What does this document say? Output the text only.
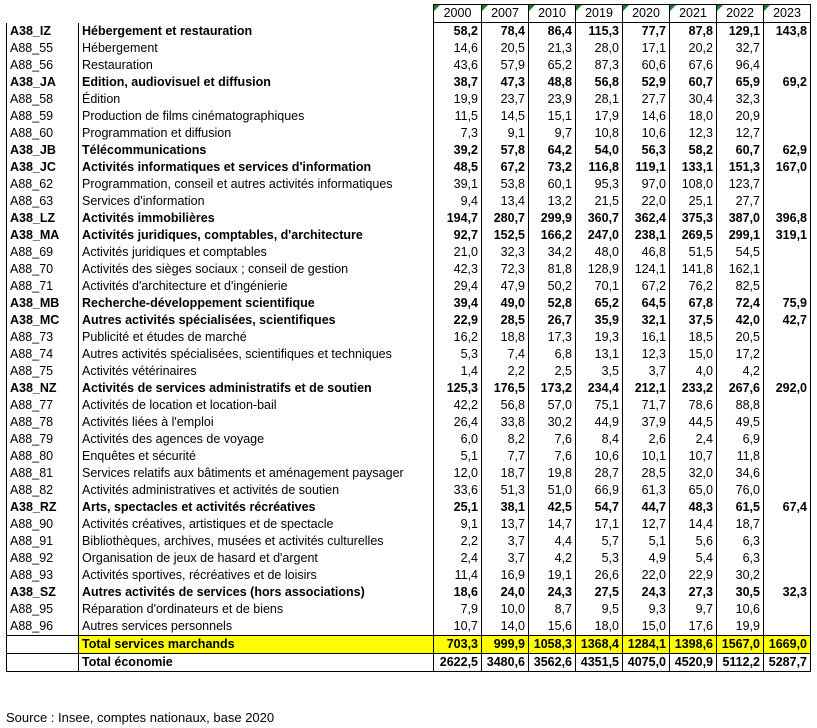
2000	2007	2010	2019	2020	2021	2022	2023
A38_IZ	Hébergement et restauration	58,2	78,4	86,4	115,3	77,7	87,8	129,1	143,8
A88_55	Hébergement	14,6	20,5	21,3	28,0	17,1	20,2	32,7	
A88_56	Restauration	43,6	57,9	65,2	87,3	60,6	67,6	96,4	
A38_JA	Edition, audiovisuel et diffusion	38,7	47,3	48,8	56,8	52,9	60,7	65,9	69,2
A88_58	Édition	19,9	23,7	23,9	28,1	27,7	30,4	32,3	
A88_59	Production de films cinématographiques	11,5	14,5	15,1	17,9	14,6	18,0	20,9	
A88_60	Programmation et diffusion	7,3	9,1	9,7	10,8	10,6	12,3	12,7	
A38_JB	Télécommunications	39,2	57,8	64,2	54,0	56,3	58,2	60,7	62,9
A38_JC	Activités informatiques et services d'information	48,5	67,2	73,2	116,8	119,1	133,1	151,3	167,0
A88_62	Programmation, conseil et autres activités informatiques	39,1	53,8	60,1	95,3	97,0	108,0	123,7	
A88_63	Services d'information	9,4	13,4	13,2	21,5	22,0	25,1	27,7	
A38_LZ	Activités immobilières	194,7	280,7	299,9	360,7	362,4	375,3	387,0	396,8
A38_MA	Activités juridiques, comptables, d'architecture	92,7	152,5	166,2	247,0	238,1	269,5	299,1	319,1
A88_69	Activités juridiques et comptables	21,0	32,3	34,2	48,0	46,8	51,5	54,5	
A88_70	Activités des sièges sociaux ; conseil de gestion	42,3	72,3	81,8	128,9	124,1	141,8	162,1	
A88_71	Activités d'architecture et d'ingénierie	29,4	47,9	50,2	70,1	67,2	76,2	82,5	
A38_MB	Recherche-développement scientifique	39,4	49,0	52,8	65,2	64,5	67,8	72,4	75,9
A38_MC	Autres activités spécialisées, scientifiques	22,9	28,5	26,7	35,9	32,1	37,5	42,0	42,7
A88_73	Publicité et études de marché	16,2	18,8	17,3	19,3	16,1	18,5	20,5	
A88_74	Autres activités spécialisées, scientifiques et techniques	5,3	7,4	6,8	13,1	12,3	15,0	17,2	
A88_75	Activités vétérinaires	1,4	2,2	2,5	3,5	3,7	4,0	4,2	
A38_NZ	Activités de services administratifs et de soutien	125,3	176,5	173,2	234,4	212,1	233,2	267,6	292,0
A88_77	Activités de location et location-bail	42,2	56,8	57,0	75,1	71,7	78,6	88,8	
A88_78	Activités liées à l'emploi	26,4	33,8	30,2	44,9	37,9	44,5	49,5	
A88_79	Activités des agences de voyage	6,0	8,2	7,6	8,4	2,6	2,4	6,9	
A88_80	Enquêtes et sécurité	5,1	7,7	7,6	10,6	10,1	10,7	11,8	
A88_81	Services relatifs aux bâtiments et aménagement paysager	12,0	18,7	19,8	28,7	28,5	32,0	34,6	
A88_82	Activités administratives et activités de soutien	33,6	51,3	51,0	66,9	61,3	65,0	76,0	
A38_RZ	Arts, spectacles et activités récréatives	25,1	38,1	42,5	54,7	44,7	48,3	61,5	67,4
A88_90	Activités créatives, artistiques et de spectacle	9,1	13,7	14,7	17,1	12,7	14,4	18,7	
A88_91	Bibliothèques, archives, musées et activités culturelles	2,2	3,7	4,4	5,7	5,1	5,6	6,3	
A88_92	Organisation de jeux de hasard et d'argent	2,4	3,7	4,2	5,3	4,9	5,4	6,3	
A88_93	Activités sportives, récréatives et de loisirs	11,4	16,9	19,1	26,6	22,0	22,9	30,2	
A38_SZ	Autres activités de services (hors associations)	18,6	24,0	24,3	27,5	24,3	27,3	30,5	32,3
A88_95	Réparation d'ordinateurs et de biens	7,9	10,0	8,7	9,5	9,3	9,7	10,6	
A88_96	Autres services personnels	10,7	14,0	15,6	18,0	15,0	17,6	19,9	
	Total services marchands	703,3	999,9	1058,3	1368,4	1284,1	1398,6	1567,0	1669,0
	Total économie	2622,5	3480,6	3562,6	4351,5	4075,0	4520,9	5112,2	5287,7
Source : Insee, comptes nationaux, base 2020
